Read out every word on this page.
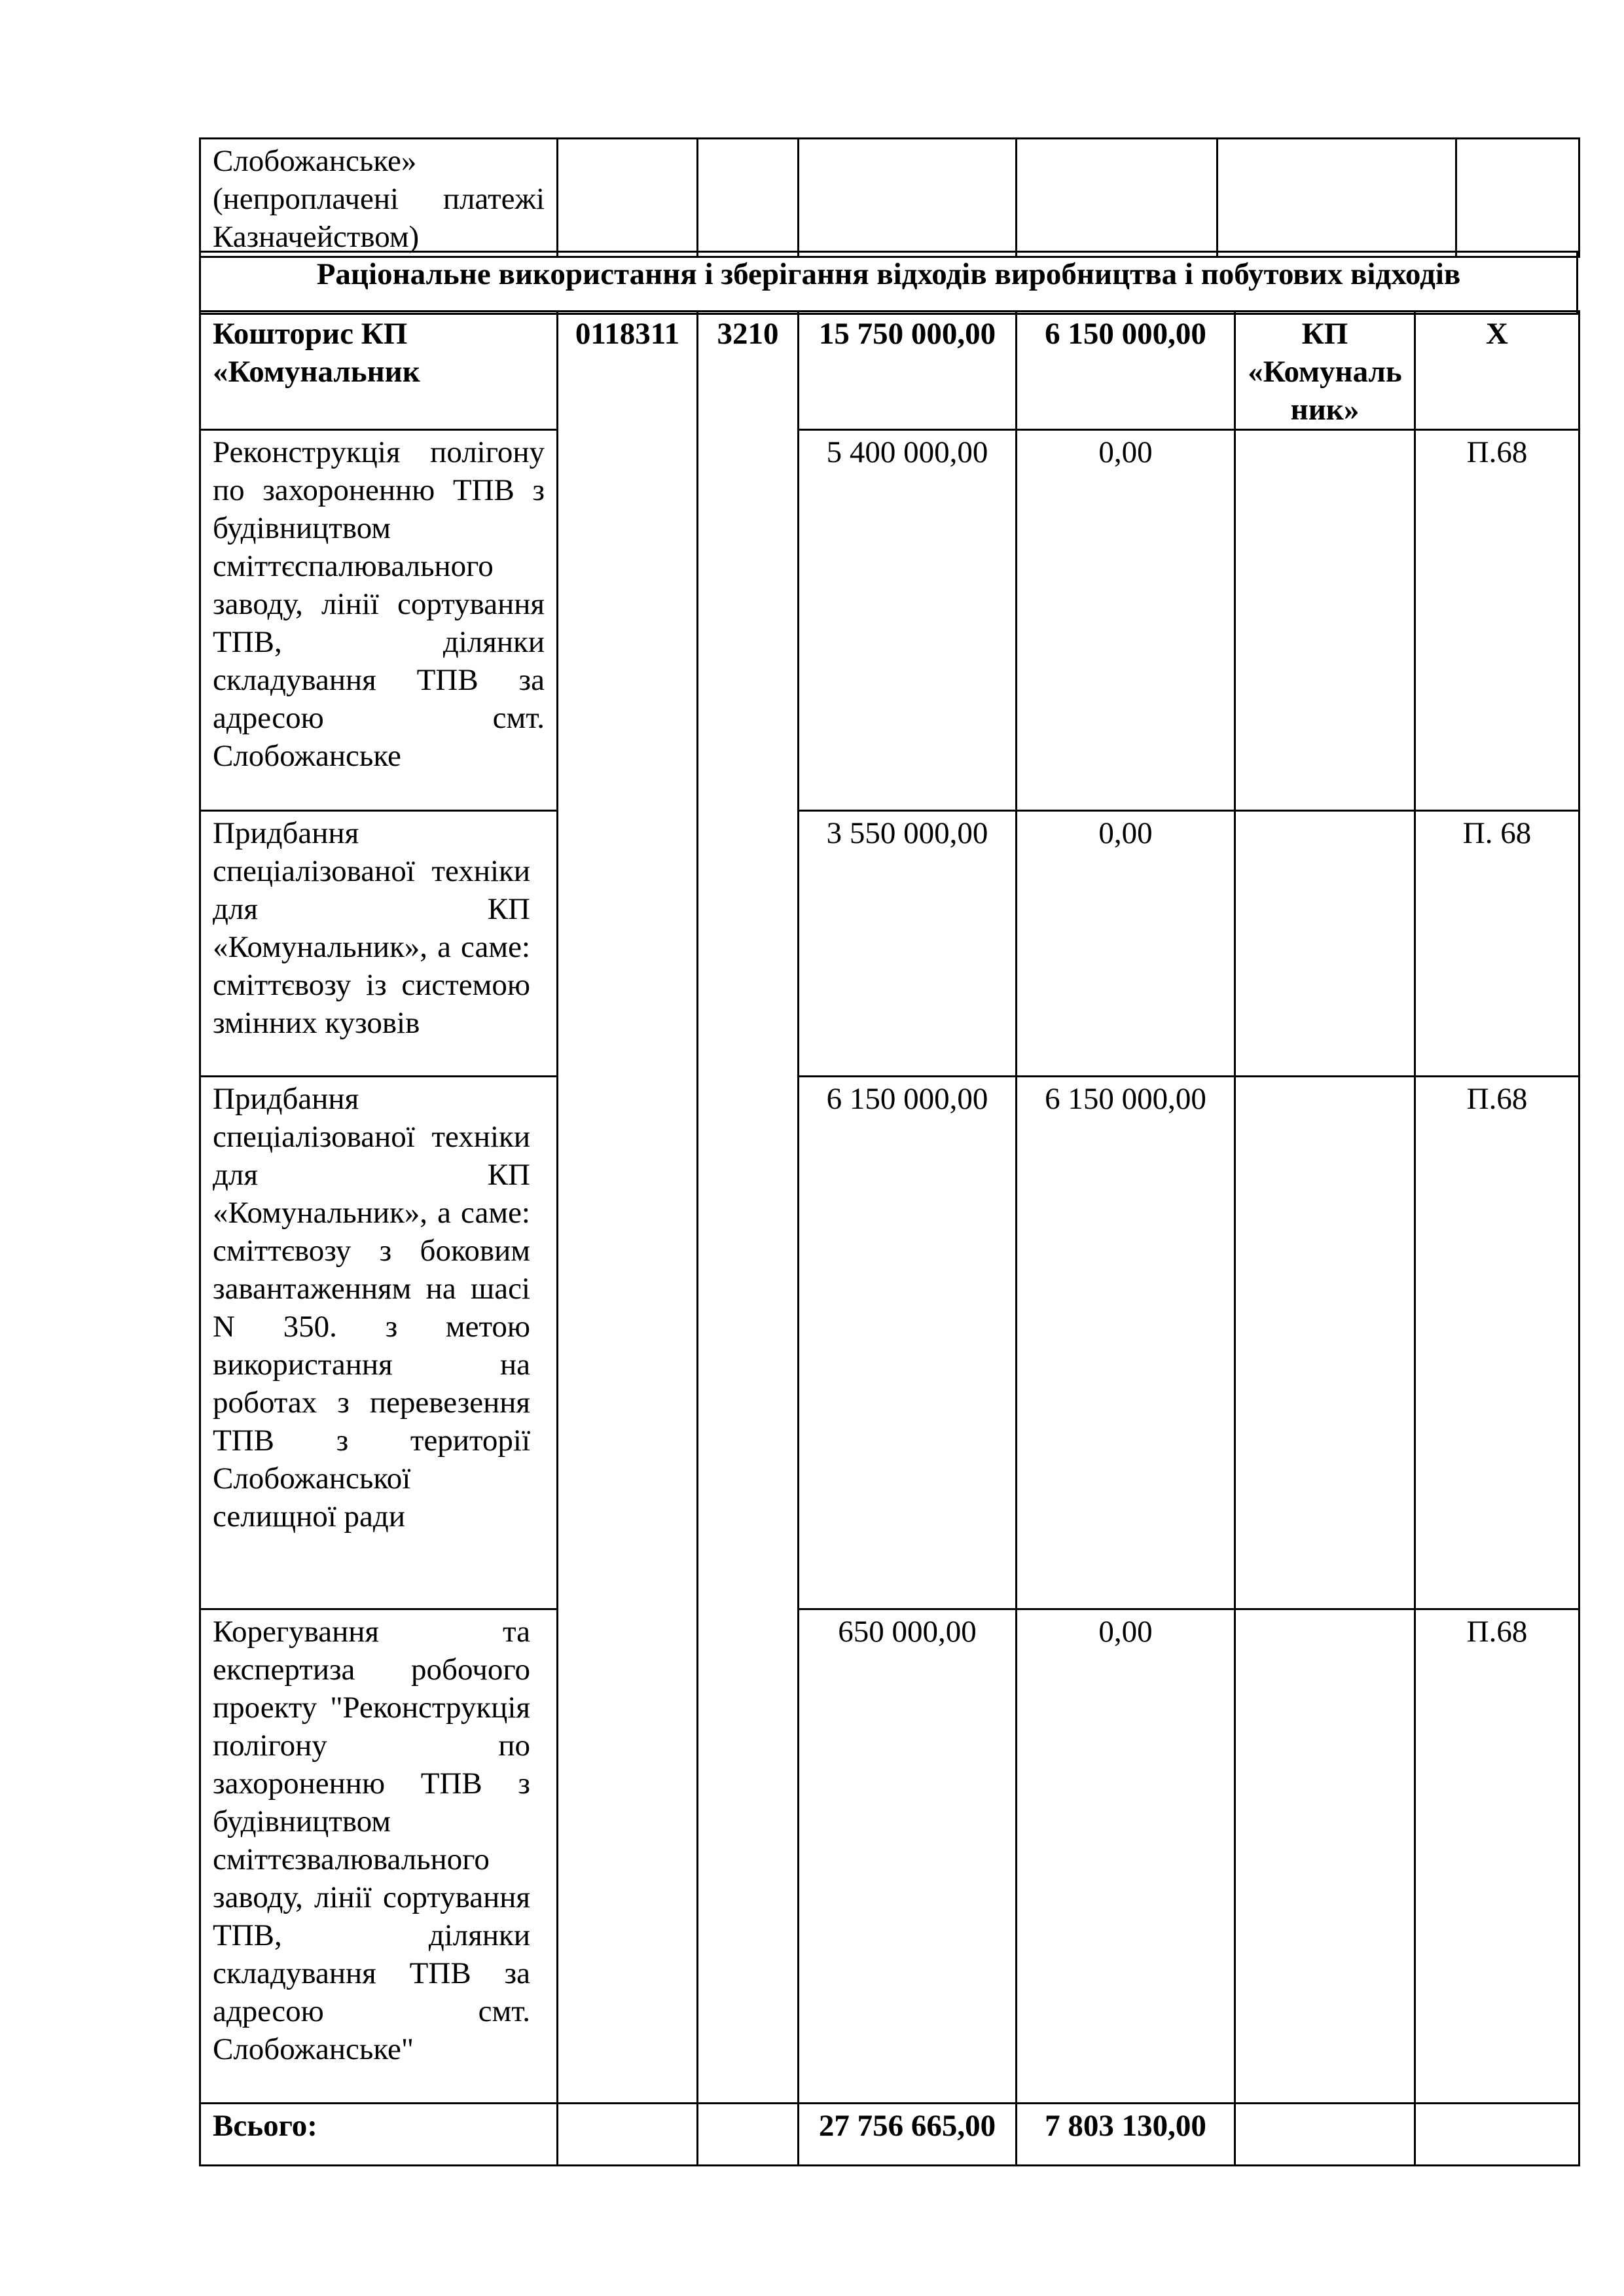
Слобожанське» (непроплачені платежі Казначейством)						
Раціональне використання і зберігання відходів виробництва і побутових відходів
Кошторис КП «Комунальник	0118311	3210	15 750 000,00	6 150 000,00	КП «Комунальник»	Х
Реконструкція полігону по захороненню ТПВ з будівництвом сміттєспалювального заводу, лінії сортування ТПВ, ділянки складування ТПВ за адресою смт. Слобожанське			5 400 000,00	0,00		П.68
Придбання спеціалізованої техніки для КП «Комунальник», а саме: сміттєвозу із системою змінних кузовів			3 550 000,00	0,00		П. 68
Придбання спеціалізованої техніки для КП «Комунальник», а саме: сміттєвозу з боковим завантаженням на шасі N 350. з метою використання на роботах з перевезення ТПВ з території Слобожанської селищної ради			6 150 000,00	6 150 000,00		П.68
Корегування та експертиза робочого проекту "Реконструкція полігону по захороненню ТПВ з будівництвом сміттєзвалювального заводу, лінії сортування ТПВ, ділянки складування ТПВ за адресою смт. Слобожанське"			650 000,00	0,00		П.68
Всього:			27 756 665,00	7 803 130,00		
